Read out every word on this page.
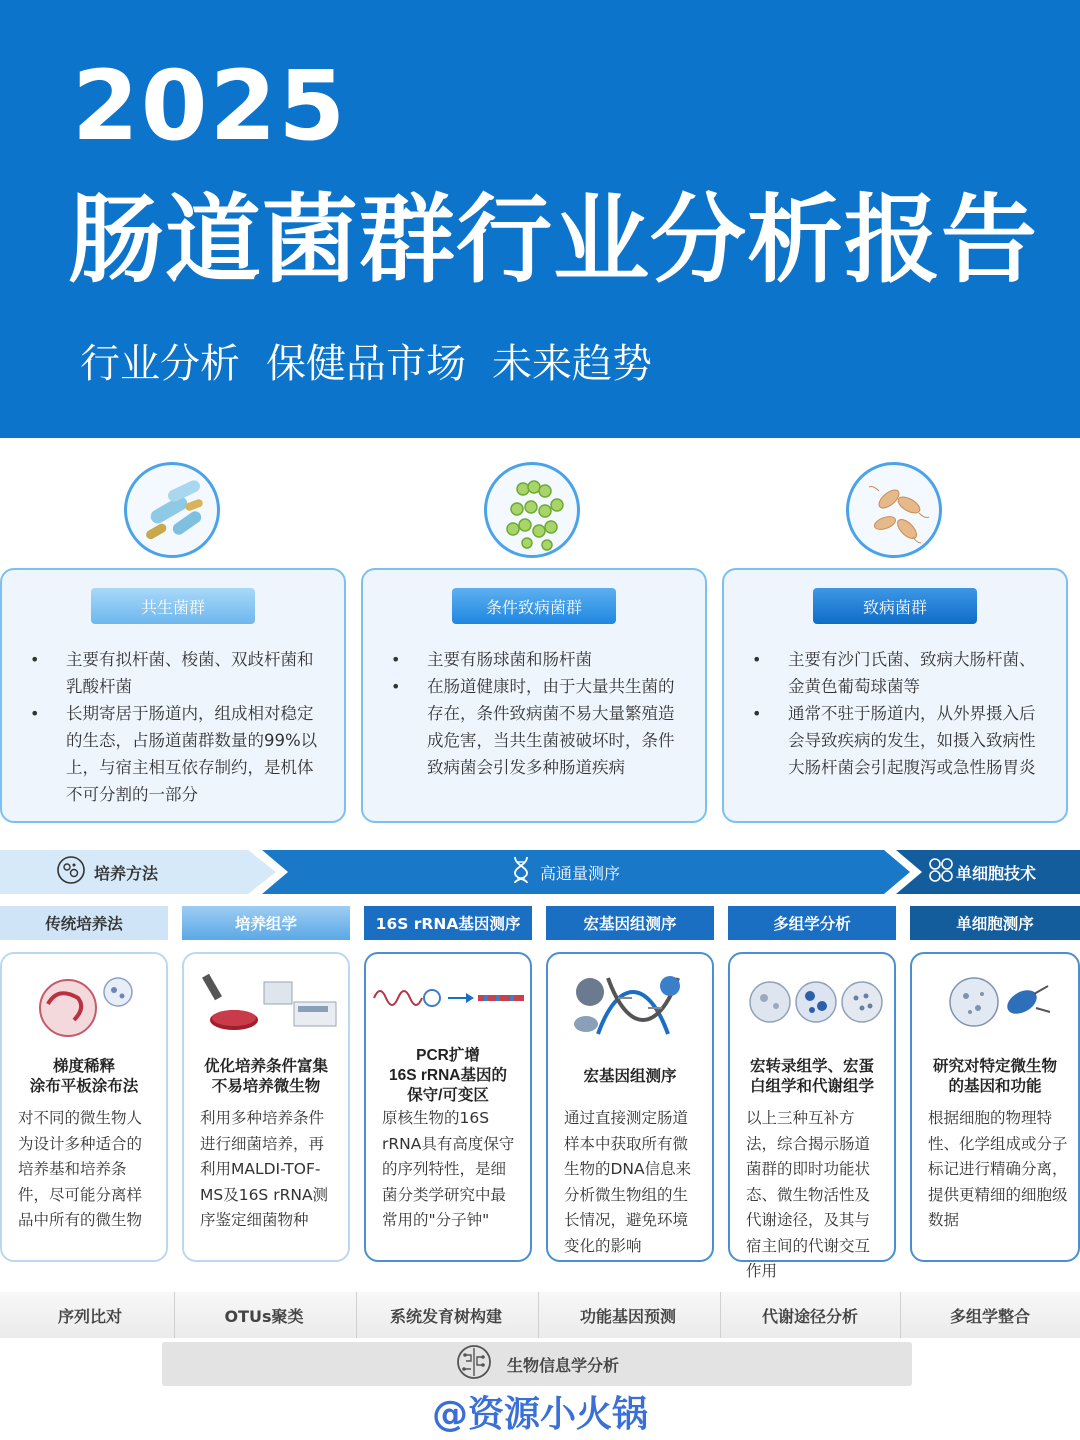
2025
肠道菌群行业分析报告
行业分析 保健品市场 未来趋势
共生菌群
• 主要有拟杆菌、梭菌、双歧杆菌和乳酸杆菌
• 长期寄居于肠道内，组成相对稳定的生态，占肠道菌群数量的99%以上，与宿主相互依存制约，是机体不可分割的一部分
条件致病菌群
• 主要有肠球菌和肠杆菌
• 在肠道健康时，由于大量共生菌的存在，条件致病菌不易大量繁殖造成危害，当共生菌被破坏时，条件致病菌会引发多种肠道疾病
致病菌群
• 主要有沙门氏菌、致病大肠杆菌、金黄色葡萄球菌等
• 通常不驻于肠道内，从外界摄入后会导致疾病的发生，如摄入致病性大肠杆菌会引起腹泻或急性肠胃炎
培养方法	高通量测序	单细胞技术
传统培养法	培养组学	16S rRNA基因测序	宏基因组测序	多组学分析	单细胞测序
梯度稀释
涂布平板涂布法
对不同的微生物人为设计多种适合的培养基和培养条件，尽可能分离样品中所有的微生物
优化培养条件富集
不易培养微生物
利用多种培养条件进行细菌培养，再利用MALDI-TOF-MS及16S rRNA测序鉴定细菌物种
PCR扩增
16S rRNA基因的
保守/可变区
原核生物的16S rRNA具有高度保守的序列特性，是细菌分类学研究中最常用的"分子钟"
宏基因组测序
通过直接测定肠道样本中获取所有微生物的DNA信息来分析微生物组的生长情况，避免环境变化的影响
宏转录组学、宏蛋
白组学和代谢组学
以上三种互补方法，综合揭示肠道菌群的即时功能状态、微生物活性及代谢途径，及其与宿主间的代谢交互作用
研究对特定微生物
的基因和功能
根据细胞的物理特性、化学组成或分子标记进行精确分离，提供更精细的细胞级数据
序列比对	OTUs聚类	系统发育树构建	功能基因预测	代谢途径分析	多组学整合
生物信息学分析
@资源小火锅
